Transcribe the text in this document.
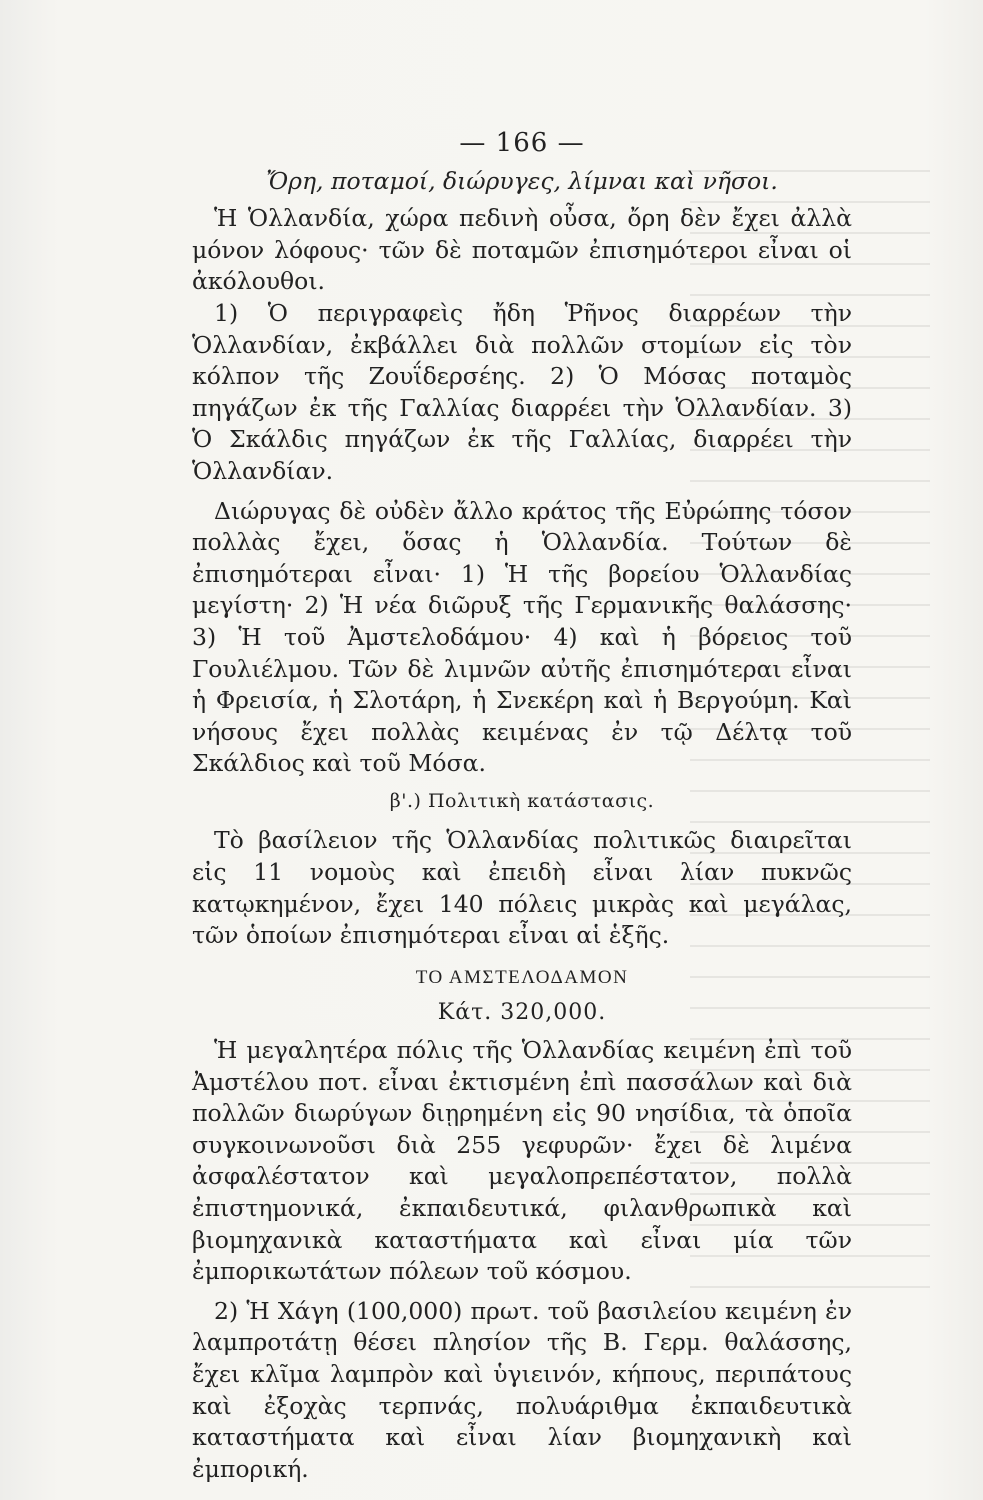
— 166 —
Ὄρη, ποταμοί, διώρυγες, λίμναι καὶ νῆσοι.

Ἡ Ὁλλανδία, χώρα πεδινὴ οὖσα, ὄρη δὲν ἔχει ἀλλὰ μόνον λόφους· τῶν δὲ ποταμῶν ἐπισημότεροι εἶναι οἱ ἀκόλουθοι.

1) Ὁ περιγραφεὶς ἤδη Ῥῆνος διαρρέων τὴν Ὁλλανδίαν, ἐκβάλλει διὰ πολλῶν στομίων εἰς τὸν κόλπον τῆς Ζουΐδερσέης. 2) Ὁ Μόσας ποταμὸς πηγάζων ἐκ τῆς Γαλλίας διαρρέει τὴν Ὁλλανδίαν. 3) Ὁ Σκάλδις πηγάζων ἐκ τῆς Γαλλίας, διαρρέει τὴν Ὁλλανδίαν.

Διώρυγας δὲ οὐδὲν ἄλλο κράτος τῆς Εὐρώπης τόσον πολλὰς ἔχει, ὅσας ἡ Ὁλλανδία. Τούτων δὲ ἐπισημότεραι εἶναι· 1) Ἡ τῆς βορείου Ὁλλανδίας μεγίστη· 2) Ἡ νέα διῶρυξ τῆς Γερμανικῆς θαλάσσης· 3) Ἡ τοῦ Ἀμστελοδάμου· 4) καὶ ἡ βόρειος τοῦ Γουλιέλμου. Τῶν δὲ λιμνῶν αὐτῆς ἐπισημότεραι εἶναι ἡ Φρεισία, ἡ Σλοτάρη, ἡ Σνεκέρη καὶ ἡ Βεργούμη. Καὶ νήσους ἔχει πολλὰς κειμένας ἐν τῷ Δέλτᾳ τοῦ Σκάλδιος καὶ τοῦ Μόσα.

β'.) Πολιτικὴ κατάστασις.

Τὸ βασίλειον τῆς Ὁλλανδίας πολιτικῶς διαιρεῖται εἰς 11 νομοὺς καὶ ἐπειδὴ εἶναι λίαν πυκνῶς κατῳκημένον, ἔχει 140 πόλεις μικρὰς καὶ μεγάλας, τῶν ὁποίων ἐπισημότεραι εἶναι αἱ ἑξῆς.

ΤΟ ΑΜΣΤΕΛΟΔΑΜΟΝ
Κάτ. 320,000.

Ἡ μεγαλητέρα πόλις τῆς Ὁλλανδίας κειμένη ἐπὶ τοῦ Ἀμστέλου ποτ. εἶναι ἐκτισμένη ἐπὶ πασσάλων καὶ διὰ πολλῶν διωρύγων διῃρημένη εἰς 90 νησίδια, τὰ ὁποῖα συγκοινωνοῦσι διὰ 255 γεφυρῶν· ἔχει δὲ λιμένα ἀσφαλέστατον καὶ μεγαλοπρεπέστατον, πολλὰ ἐπιστημονικά, ἐκπαιδευτικά, φιλανθρωπικὰ καὶ βιομηχανικὰ καταστήματα καὶ εἶναι μία τῶν ἐμπορικωτάτων πόλεων τοῦ κόσμου.

2) Ἡ Χάγη (100,000) πρωτ. τοῦ βασιλείου κειμένη ἐν λαμπροτάτῃ θέσει πλησίον τῆς Β. Γερμ. θαλάσσης, ἔχει κλῖμα λαμπρὸν καὶ ὑγιεινόν, κήπους, περιπάτους καὶ ἐξοχὰς τερπνάς, πολυάριθμα ἐκπαιδευτικὰ καταστήματα καὶ εἶναι λίαν βιομηχανικὴ καὶ ἐμπορική.
